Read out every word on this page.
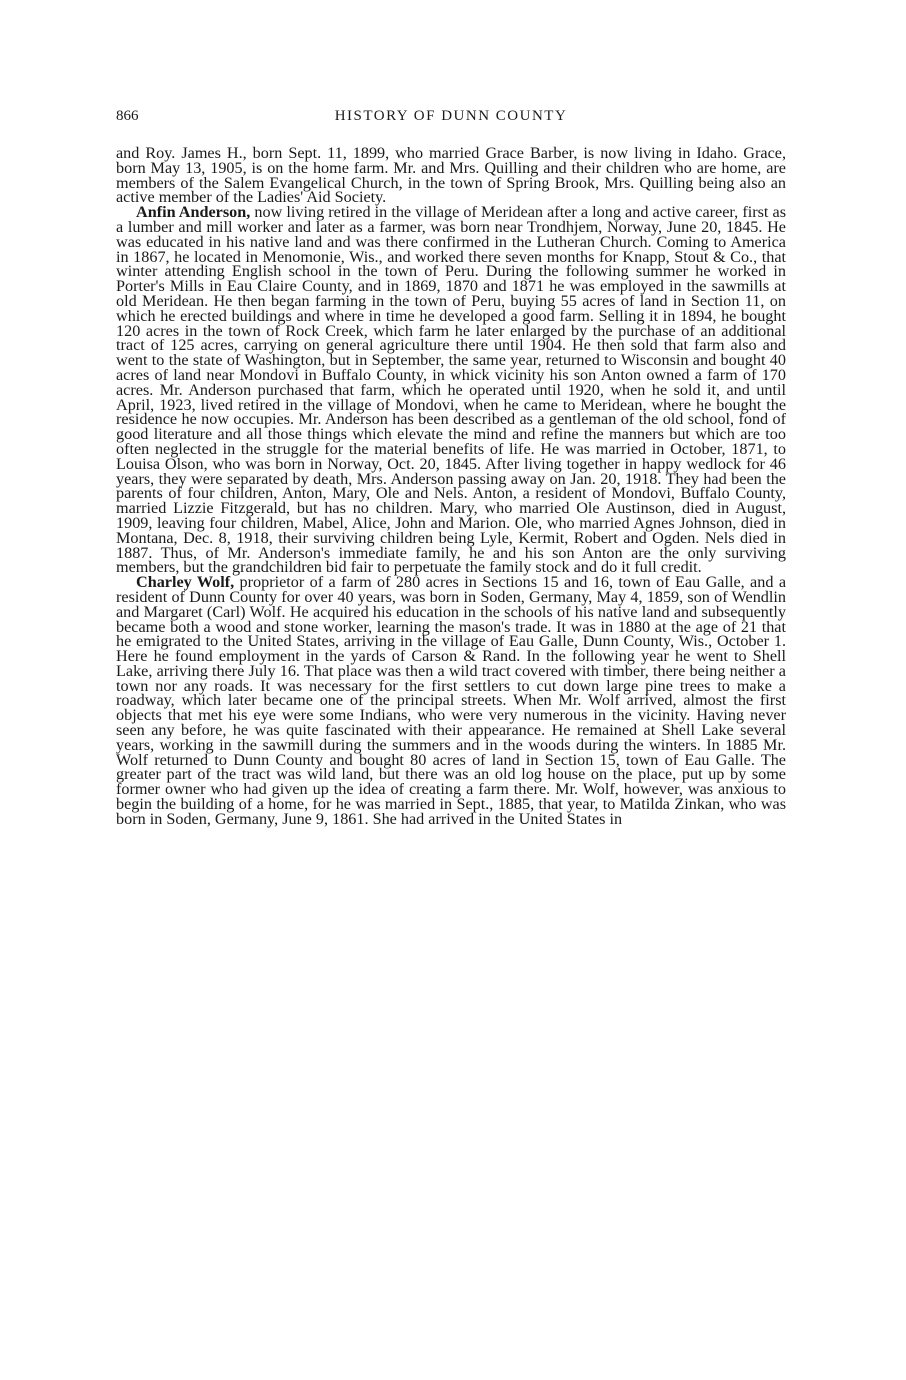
866	HISTORY OF DUNN COUNTY

and Roy. James H., born Sept. 11, 1899, who married Grace Barber, is now living in Idaho. Grace, born May 13, 1905, is on the home farm. Mr. and Mrs. Quilling and their children who are home, are members of the Salem Evangelical Church, in the town of Spring Brook, Mrs. Quilling being also an active member of the Ladies' Aid Society.

Anfin Anderson, now living retired in the village of Meridean after a long and active career, first as a lumber and mill worker and later as a farmer, was born near Trondhjem, Norway, June 20, 1845. He was educated in his native land and was there confirmed in the Lutheran Church. Coming to America in 1867, he located in Menomonie, Wis., and worked there seven months for Knapp, Stout & Co., that winter attending English school in the town of Peru. During the following summer he worked in Porter's Mills in Eau Claire County, and in 1869, 1870 and 1871 he was employed in the sawmills at old Meridean. He then began farming in the town of Peru, buying 55 acres of land in Section 11, on which he erected buildings and where in time he developed a good farm. Selling it in 1894, he bought 120 acres in the town of Rock Creek, which farm he later enlarged by the purchase of an additional tract of 125 acres, carrying on general agriculture there until 1904. He then sold that farm also and went to the state of Washington, but in September, the same year, returned to Wisconsin and bought 40 acres of land near Mondovi in Buffalo County, in whick vicinity his son Anton owned a farm of 170 acres. Mr. Anderson purchased that farm, which he operated until 1920, when he sold it, and until April, 1923, lived retired in the village of Mondovi, when he came to Meridean, where he bought the residence he now occupies. Mr. Anderson has been described as a gentleman of the old school, fond of good literature and all those things which elevate the mind and refine the manners but which are too often neglected in the struggle for the material benefits of life. He was married in October, 1871, to Louisa Olson, who was born in Norway, Oct. 20, 1845. After living together in happy wedlock for 46 years, they were separated by death, Mrs. Anderson passing away on Jan. 20, 1918. They had been the parents of four children, Anton, Mary, Ole and Nels. Anton, a resident of Mondovi, Buffalo County, married Lizzie Fitzgerald, but has no children. Mary, who married Ole Austinson, died in August, 1909, leaving four children, Mabel, Alice, John and Marion. Ole, who married Agnes Johnson, died in Montana, Dec. 8, 1918, their surviving children being Lyle, Kermit, Robert and Ogden. Nels died in 1887. Thus, of Mr. Anderson's immediate family, he and his son Anton are the only surviving members, but the grandchildren bid fair to perpetuate the family stock and do it full credit.

Charley Wolf, proprietor of a farm of 280 acres in Sections 15 and 16, town of Eau Galle, and a resident of Dunn County for over 40 years, was born in Soden, Germany, May 4, 1859, son of Wendlin and Margaret (Carl) Wolf. He acquired his education in the schools of his native land and subsequently became both a wood and stone worker, learning the mason's trade. It was in 1880 at the age of 21 that he emigrated to the United States, arriving in the village of Eau Galle, Dunn County, Wis., October 1. Here he found employment in the yards of Carson & Rand. In the following year he went to Shell Lake, arriving there July 16. That place was then a wild tract covered with timber, there being neither a town nor any roads. It was necessary for the first settlers to cut down large pine trees to make a roadway, which later became one of the principal streets. When Mr. Wolf arrived, almost the first objects that met his eye were some Indians, who were very numerous in the vicinity. Having never seen any before, he was quite fascinated with their appearance. He remained at Shell Lake several years, working in the sawmill during the summers and in the woods during the winters. In 1885 Mr. Wolf returned to Dunn County and bought 80 acres of land in Section 15, town of Eau Galle. The greater part of the tract was wild land, but there was an old log house on the place, put up by some former owner who had given up the idea of creating a farm there. Mr. Wolf, however, was anxious to begin the building of a home, for he was married in Sept., 1885, that year, to Matilda Zinkan, who was born in Soden, Germany, June 9, 1861. She had arrived in the United States in
